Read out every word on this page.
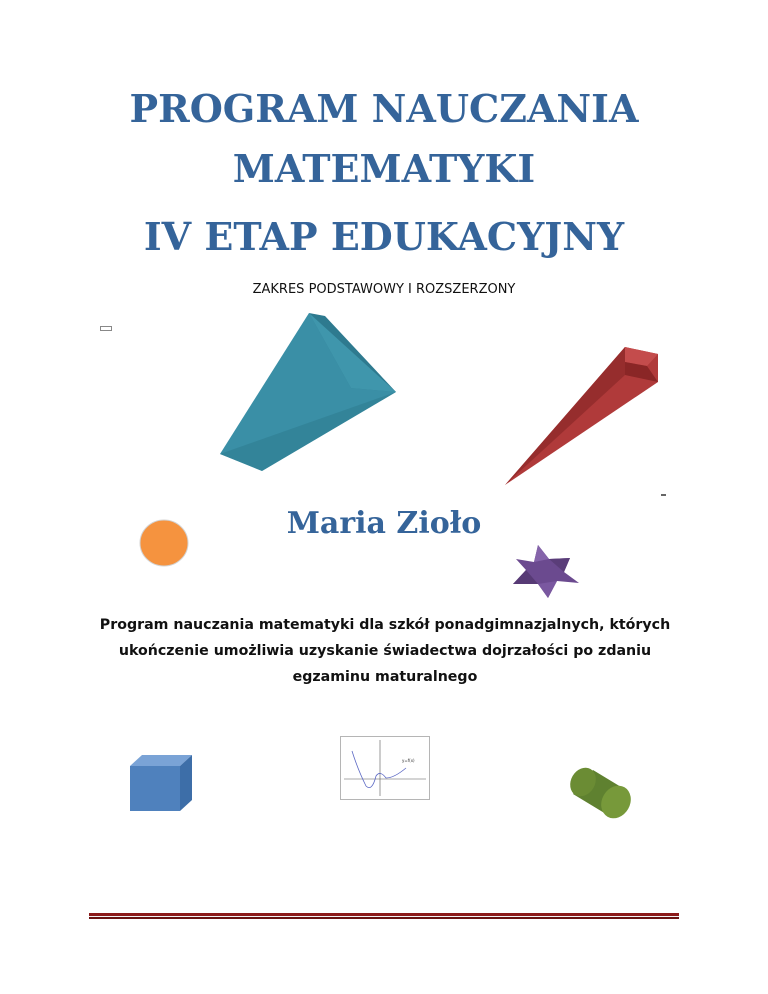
PROGRAM NAUCZANIA
MATEMATYKI
IV ETAP EDUKACYJNY
ZAKRES PODSTAWOWY I ROZSZERZONY
Maria Zioło
Program nauczania matematyki dla szkół ponadgimnazjalnych, których ukończenie umożliwia uzyskanie świadectwa dojrzałości po zdaniu egzaminu maturalnego
y=f(x)
